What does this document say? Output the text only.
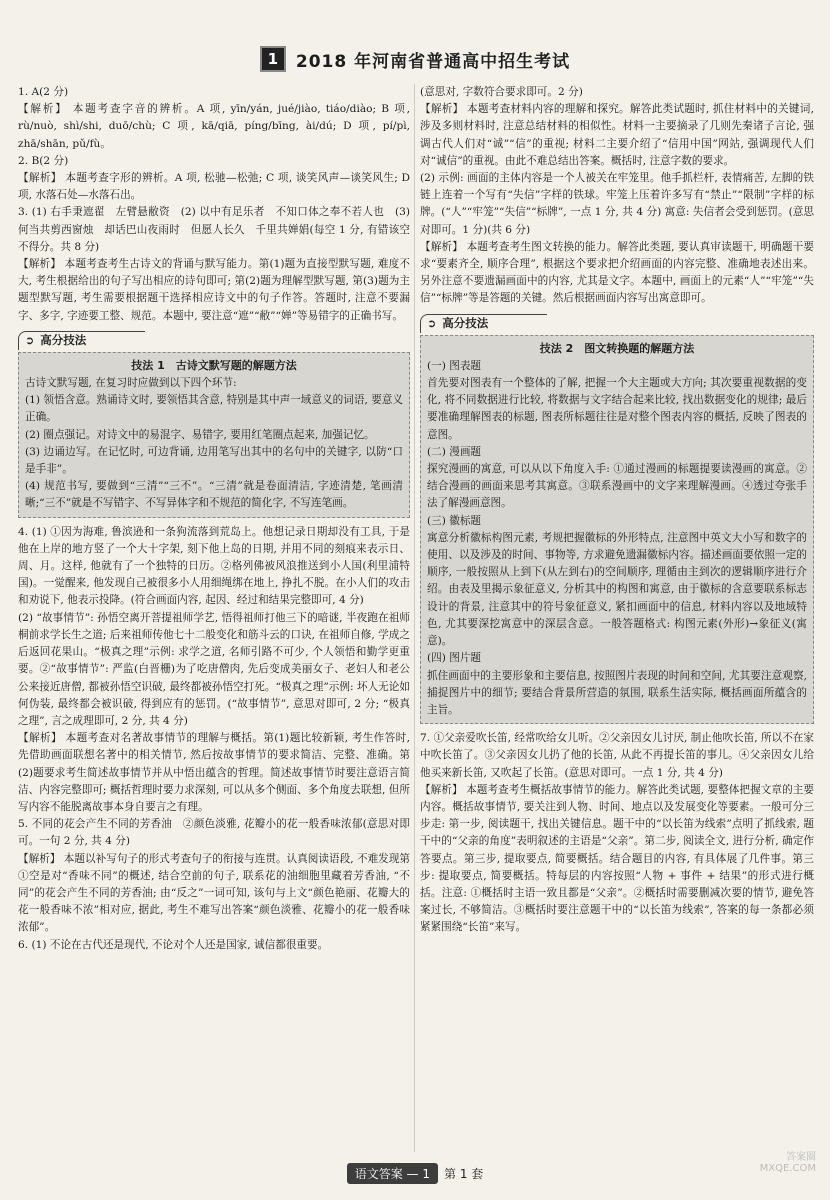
1	2018 年河南省普通高中招生考试

1. A(2 分)

【解析】 本题考查字音的辨析。A 项, yīn/yán, jué/jiào, tiáo/diào; B 项, rù/nuò, shì/shi, duō/chù; C 项, kā/qiā, píng/bīng, ài/dú; D 项, pí/pì, zhā/shān, pǔ/fù。

2. B(2 分)

【解析】 本题考查字形的辨析。A 项, 松驰—松弛; C 项, 谈笑风声—谈笑风生; D 项, 水落石处—水落石出。

3. (1) 右手秉遮翟　左臂悬敝资　(2) 以中有足乐者　不知口体之奉不若人也　(3) 何当共剪西窗烛　却话巴山夜雨时　但愿人长久　千里共婵娟(每空 1 分, 有错该空不得分。共 8 分)

【解析】 本题考查考生古诗文的背诵与默写能力。第(1)题为直接型默写题, 难度不大, 考生根据给出的句子写出相应的诗句即可; 第(2)题为理解型默写题, 第(3)题为主题型默写题, 考生需要根据题干选择相应诗文中的句子作答。答题时, 注意不要漏字、多字, 字迹要工整、规范。本题中, 要注意“遮”“敝”“婵”等易错字的正确书写。

➲ 高分技法
技法 1　古诗文默写题的解题方法

古诗文默写题, 在复习时应做到以下四个环节:

(1) 领悟含意。熟诵诗文时, 要领悟其含意, 特别是其中声一域意义的词语, 要意义正确。

(2) 圈点强记。对诗文中的易混字、易错字, 要用红笔圈点起来, 加强记忆。

(3) 边诵边写。在记忆时, 可边背诵, 边用笔写出其中的名句中的关键字, 以防“口是手非”。

(4) 规范书写, 要做到“三清”“三不”。“三清”就是卷面清洁, 字迹清楚, 笔画清晰;“三不”就是不写错字、不写异体字和不规范的简化字, 不写连笔画。

4. (1) ①因为海难, 鲁滨逊和一条狗流落到荒岛上。他想记录日期却没有工具, 于是他在上岸的地方竖了一个大十字架, 刻下他上岛的日期, 并用不同的刻痕来表示日、周、月。这样, 他就有了一个独特的日历。②格列佛被风浪推送到小人国(利里浦特国)。一觉醒来, 他发现自己被很多小人用细绳绑在地上, 挣扎不脱。在小人们的攻击和劝说下, 他表示投降。(符合画面内容, 起因、经过和结果完整即可, 4 分)

(2) “故事情节”: 孙悟空离开菩提祖师学艺, 悟得祖师打他三下的暗谜, 半夜跑在祖师桐前求学长生之道; 后来祖师传他七十二般变化和筋斗云的口诀, 在祖师自修, 学成之后返回花果山。“极真之理”示例: 求学之道, 名师引路不可少, 个人领悟和勤学更重要。②“故事情节”: 严监(白晋栅)为了吃唐僧肉, 先后变成美丽女子、老妇人和老公公来接近唐僧, 都被孙悟空识破, 最终都被孙悟空打死。“极真之理”示例: 坏人无论如何伪装, 最终都会被识破, 得到应有的惩罚。(“故事情节”, 意思对即可, 2 分; “极真之理”, 言之成理即可, 2 分, 共 4 分)

【解析】 本题考查对名著故事情节的理解与概括。第(1)题比较新颖, 考生作答时, 先借助画面联想名著中的相关情节, 然后按故事情节的要求简洁、完整、准确。第(2)题要求考生简述故事情节并从中悟出蕴含的哲理。简述故事情节时要注意语言简洁、内容完整即可; 概括哲理时要力求深刻, 可以从多个侧面、多个角度去联想, 但所写内容不能脱离故事本身自要言之有理。

5. 不同的花会产生不同的芳香油　②颜色淡雅, 花瓣小的花一般香味浓郁(意思对即可。一句 2 分, 共 4 分)

【解析】 本题以补写句子的形式考查句子的衔接与连贯。认真阅读语段, 不难发现第①空是对“香味不同”的概述, 结合空前的句子, 联系花的油细胞里藏着芳香油, “不同”的花会产生不同的芳香油; 由“反之”一词可知, 该句与上文“颜色艳丽、花瓣大的花一般香味不浓”相对应, 据此, 考生不难写出答案“颜色淡雅、花瓣小的花一般香味浓郁”。

6. (1) 不论在古代还是现代, 不论对个人还是国家, 诚信都很重要。

(意思对, 字数符合要求即可。2 分)

【解析】 本题考查材料内容的理解和探究。解答此类试题时, 抓住材料中的关键词, 涉及多则材料时, 注意总结材料的相似性。材料一主要摘录了几则先秦诸子言论, 强调古代人们对“诚”“信”的重视; 材料二主要介绍了“信用中国”网站, 强调现代人们对“诚信”的重视。由此不难总结出答案。概括时, 注意字数的要求。

(2) 示例: 画面的主体内容是一个人被关在牢笼里。他手抓栏杆, 表情痛苦, 左脚的铁链上连着一个写有“失信”字样的铁球。牢笼上压着许多写有“禁止”“限制”字样的标牌。(“人”“牢笼”“失信”“标牌”, 一点 1 分, 共 4 分) 寓意: 失信者会受到惩罚。(意思对即可。1 分)(共 6 分)

【解析】 本题考查考生图文转换的能力。解答此类题, 要认真审读题干, 明确题干要求“要素齐全, 顺序合理”, 根据这个要求把介绍画面的内容完整、准确地表述出来。另外注意不要遗漏画面中的内容, 尤其是文字。本题中, 画面上的元素“人”“牢笼”“失信”“标牌”等是答题的关键。然后根据画面内容写出寓意即可。

➲ 高分技法
技法 2　图文转换题的解题方法

(一) 图表题

首先要对图表有一个整体的了解, 把握一个大主题或大方向; 其次要重视数据的变化, 将不同数据进行比较, 将数据与文字结合起来比较, 找出数据变化的规律; 最后要准确理解图表的标题, 图表所标题往往是对整个图表内容的概括, 反映了图表的意图。

(二) 漫画题

探究漫画的寓意, 可以从以下角度入手: ①通过漫画的标题提要读漫画的寓意。②结合漫画的画面来思考其寓意。③联系漫画中的文字来理解漫画。④透过夸张手法了解漫画意图。

(三) 徽标题

寓意分析徽标构图元素, 考规把握徽标的外形特点, 注意图中英文大小写和数字的使用、以及涉及的时间、事物等, 方求避免遗漏徽标内容。描述画面要依照一定的顺序, 一般按照从上到下(从左到右)的空间顺序, 理循由主到次的逻辑顺序进行介绍。由表及里揭示象征意义, 分析其中的构图和寓意, 由于徽标的含意要联系标志设计的背景, 注意其中的符号象征意义, 紧扣画面中的信息, 材料内容以及地域特色, 尤其要深挖寓意中的深层含意。一般答题格式: 构图元素(外形)→象征义(寓意)。

(四) 图片题

抓住画面中的主要形象和主要信息, 按照图片表现的时间和空间, 尤其要注意观察, 捕捉图片中的细节; 要结合背景所营造的氛围, 联系生活实际, 概括画面所蕴含的主旨。

7. ①父亲爱吹长笛, 经常吹给女儿听。②父亲因女儿讨厌, 制止他吹长笛, 所以不在家中吹长笛了。③父亲因女儿扔了他的长笛, 从此不再提长笛的事儿。④父亲因女儿给他买来新长笛, 又吹起了长笛。(意思对即可。一点 1 分, 共 4 分)

【解析】 本题考查考生概括故事情节的能力。解答此类试题, 要整体把握文章的主要内容。概括故事情节, 要关注到人物、时间、地点以及发展变化等要素。一般可分三步走: 第一步, 阅读题干, 找出关键信息。题干中的“以长笛为线索”点明了抓线索, 题干中的“父亲的角度”表明叙述的主语是“父亲”。第二步, 阅读全文, 进行分析, 确定作答要点。第三步, 提取要点, 简要概括。结合题目的内容, 有具体展了几件事。第三步: 提取要点, 简要概括。特每层的内容按照“人物 + 事件 + 结果”的形式进行概括。注意: ①概括时主语一致且都是“父亲”。②概括时需要删减次要的情节, 避免答案过长, 不够简洁。③概括时要注意题干中的“以长笛为线索”, 答案的每一条都必须紧紧围绕“长笛”来写。

语文答案 — 1	第 1 套
答案圈 MXQE.COM
